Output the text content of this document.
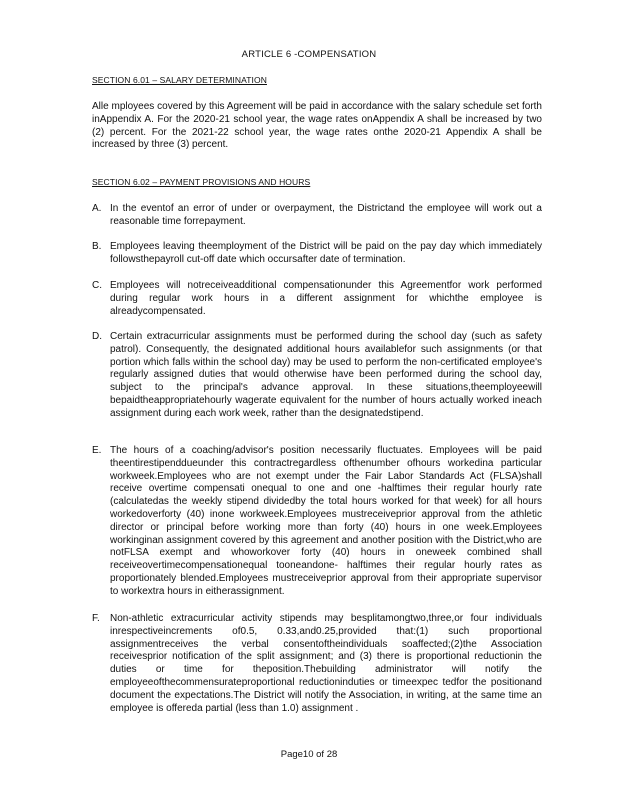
ARTICLE 6 -COMPENSATION
SECTION 6.01 – SALARY DETERMINATION
Alle mployees covered by this Agreement will be paid in accordance with the salary schedule set forth inAppendix A. For the 2020-21 school year, the wage rates onAppendix A shall be increased by two (2) percent. For the 2021-22 school year, the wage rates onthe 2020-21 Appendix A shall be increased by three (3) percent.
SECTION 6.02 – PAYMENT PROVISIONS AND HOURS
A. In the eventof an error of under or overpayment, the Districtand the employee will work out a reasonable time forrepayment.
B. Employees leaving theemployment of the District will be paid on the pay day which immediately followsthepayroll cut-off date which occursafter date of termination.
C. Employees will notreceiveadditional compensationunder this Agreementfor work performed during regular work hours in a different assignment for whichthe employee is alreadycompensated.
D. Certain extracurricular assignments must be performed during the school day (such as safety patrol). Consequently, the designated additional hours availablefor such assignments (or that portion which falls within the school day) may be used to perform the non-certificated employee's regularly assigned duties that would otherwise have been performed during the school day, subject to the principal's advance approval. In these situations,theemployeewill bepaidtheappropriatehourly wagerate equivalent for the number of hours actually worked ineach assignment during each work week, rather than the designatedstipend.
E. The hours of a coaching/advisor's position necessarily fluctuates. Employees will be paid theentirestipenddueunder this contractregardless ofthenumber ofhours workedina particular workweek.Employees who are not exempt under the Fair Labor Standards Act (FLSA)shall receive overtime compensati onequal to one and one -halftimes their regular hourly rate (calculatedas the weekly stipend dividedby the total hours worked for that week) for all hours workedoverforty (40) inone workweek.Employees mustreceiveprior approval from the athletic director or principal before working more than forty (40) hours in one week.Employees workinginan assignment covered by this agreement and another position with the District,who are notFLSA exempt and whoworkover forty (40) hours in oneweek combined shall receiveovertimecompensationequal tooneandone- halftimes their regular hourly rates as proportionately blended.Employees mustreceiveprior approval from their appropriate supervisor to workextra hours in eitherassignment.
F.	Non-athletic extracurricular activity stipends may besplitamongtwo,three,or four individuals inrespectiveincrements of0.5, 0.33,and0.25,provided that:(1) such proportional assignmentreceives the verbal consentoftheindividuals soaffected;(2)the Association receivesprior notification of the split assignment; and (3) there is proportional reductionin the duties or time for theposition.Thebuilding administrator will notify the employeeofthecommensurateproportional reductioninduties or timeexpec tedfor the positionand document the expectations.The District will notify the Association, in writing, at the same time an employee is offereda partial (less than 1.0) assignment .
Page10 of 28
